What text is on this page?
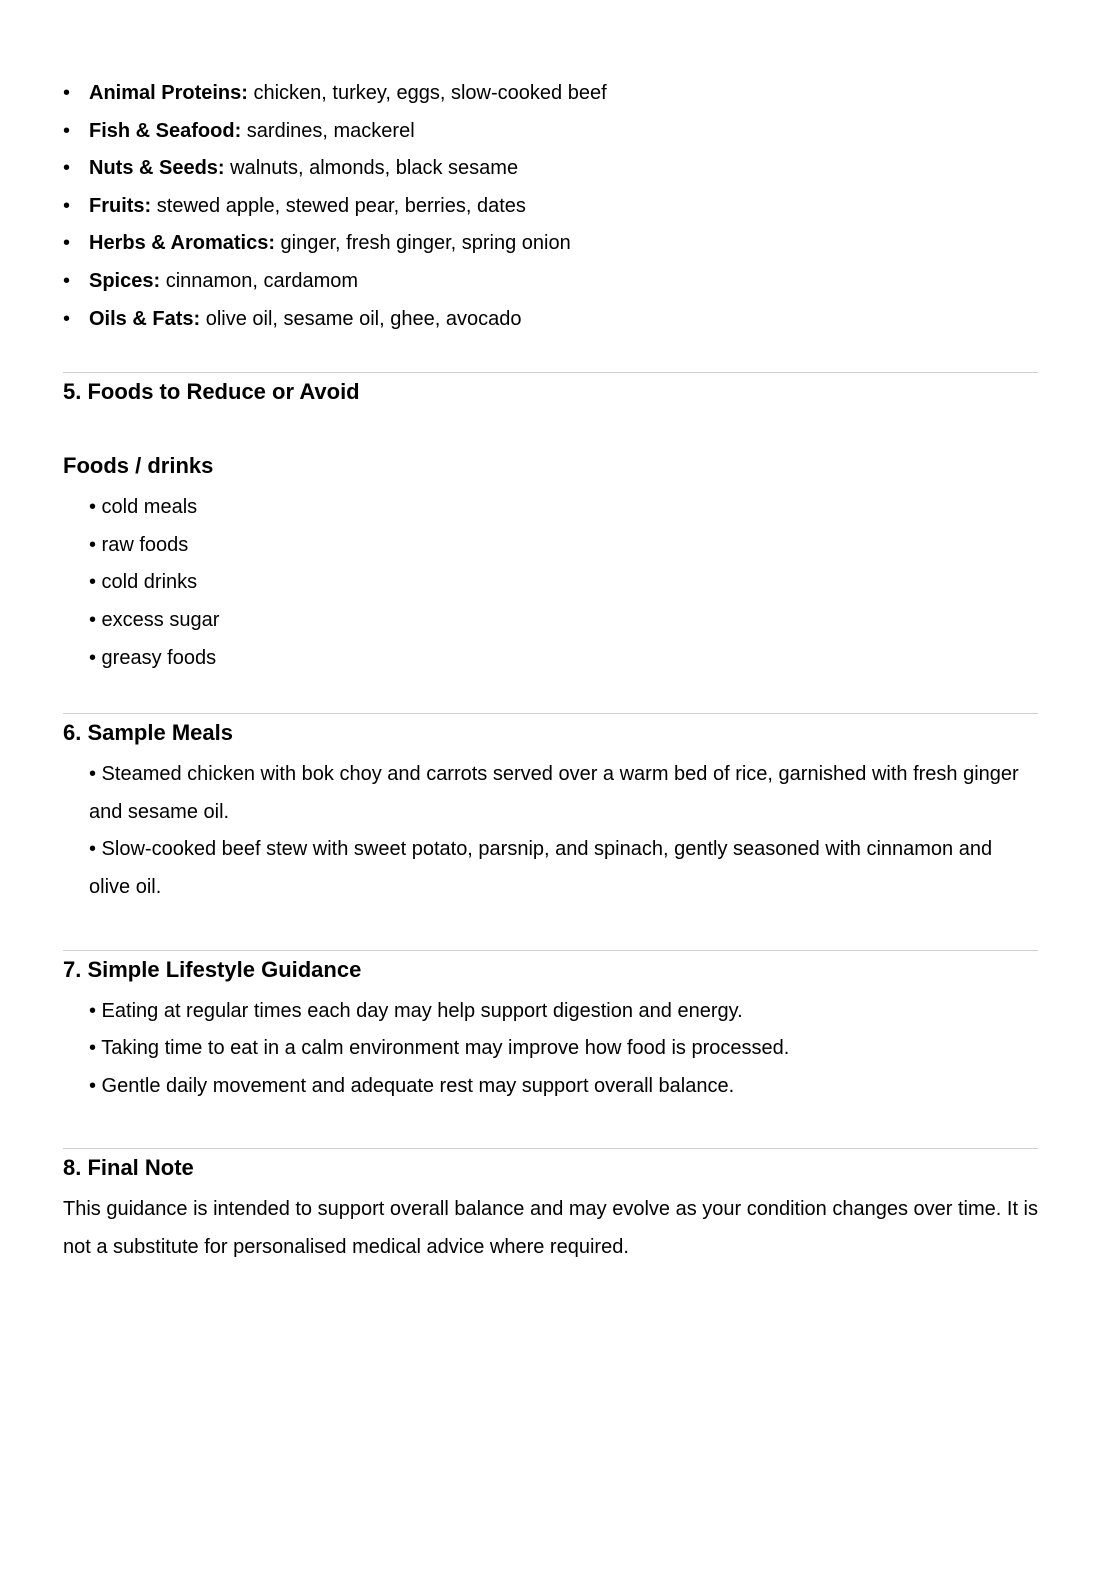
• Animal Proteins: chicken, turkey, eggs, slow-cooked beef
• Fish & Seafood: sardines, mackerel
• Nuts & Seeds: walnuts, almonds, black sesame
• Fruits: stewed apple, stewed pear, berries, dates
• Herbs & Aromatics: ginger, fresh ginger, spring onion
• Spices: cinnamon, cardamom
• Oils & Fats: olive oil, sesame oil, ghee, avocado
5. Foods to Reduce or Avoid
Foods / drinks
• cold meals
• raw foods
• cold drinks
• excess sugar
• greasy foods
6. Sample Meals
• Steamed chicken with bok choy and carrots served over a warm bed of rice, garnished with fresh ginger and sesame oil.
• Slow-cooked beef stew with sweet potato, parsnip, and spinach, gently seasoned with cinnamon and olive oil.
7. Simple Lifestyle Guidance
• Eating at regular times each day may help support digestion and energy.
• Taking time to eat in a calm environment may improve how food is processed.
• Gentle daily movement and adequate rest may support overall balance.
8. Final Note

This guidance is intended to support overall balance and may evolve as your condition changes over time. It is not a substitute for personalised medical advice where required.
